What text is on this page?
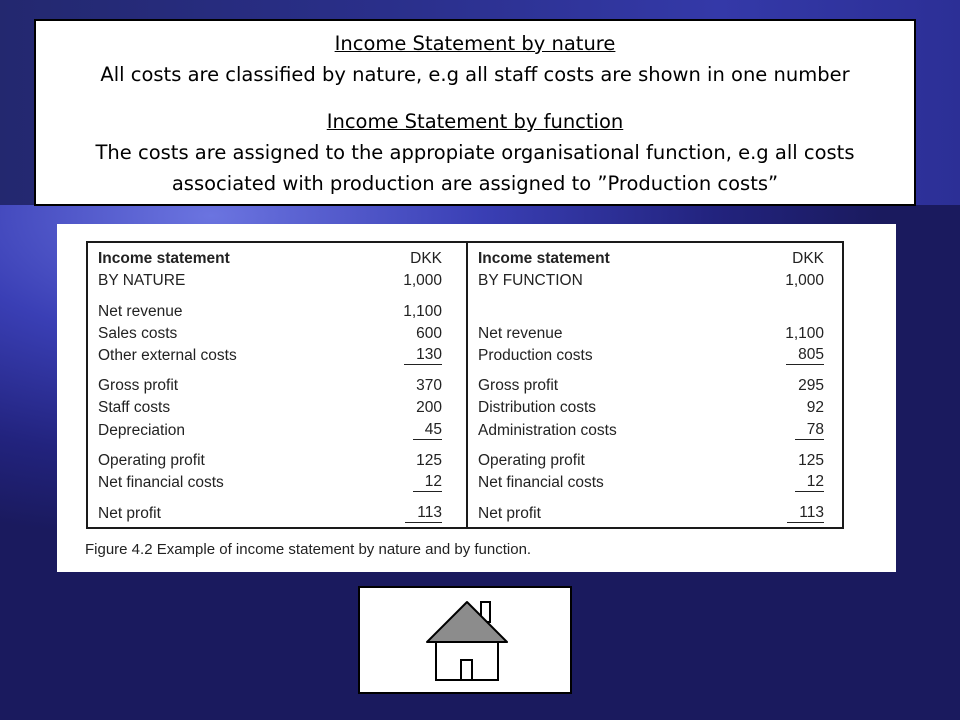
Income Statement by nature
All costs are classified by nature, e.g all staff costs are shown in one number
Income Statement by function
The costs are assigned to the appropiate organisational function, e.g all costs
associated with production are assigned to ”Production costs”
Income statement	DKK
BY NATURE	1,000
Net revenue	1,100
Sales costs	600
Other external costs	130
Gross profit	370
Staff costs	200
Depreciation	45
Operating profit	125
Net financial costs	12
Net profit	113
Income statement	DKK
BY FUNCTION	1,000
Net revenue	1,100
Production costs	805
Gross profit	295
Distribution costs	92
Administration costs	78
Operating profit	125
Net financial costs	12
Net profit	113
Figure 4.2 Example of income statement by nature and by function.
